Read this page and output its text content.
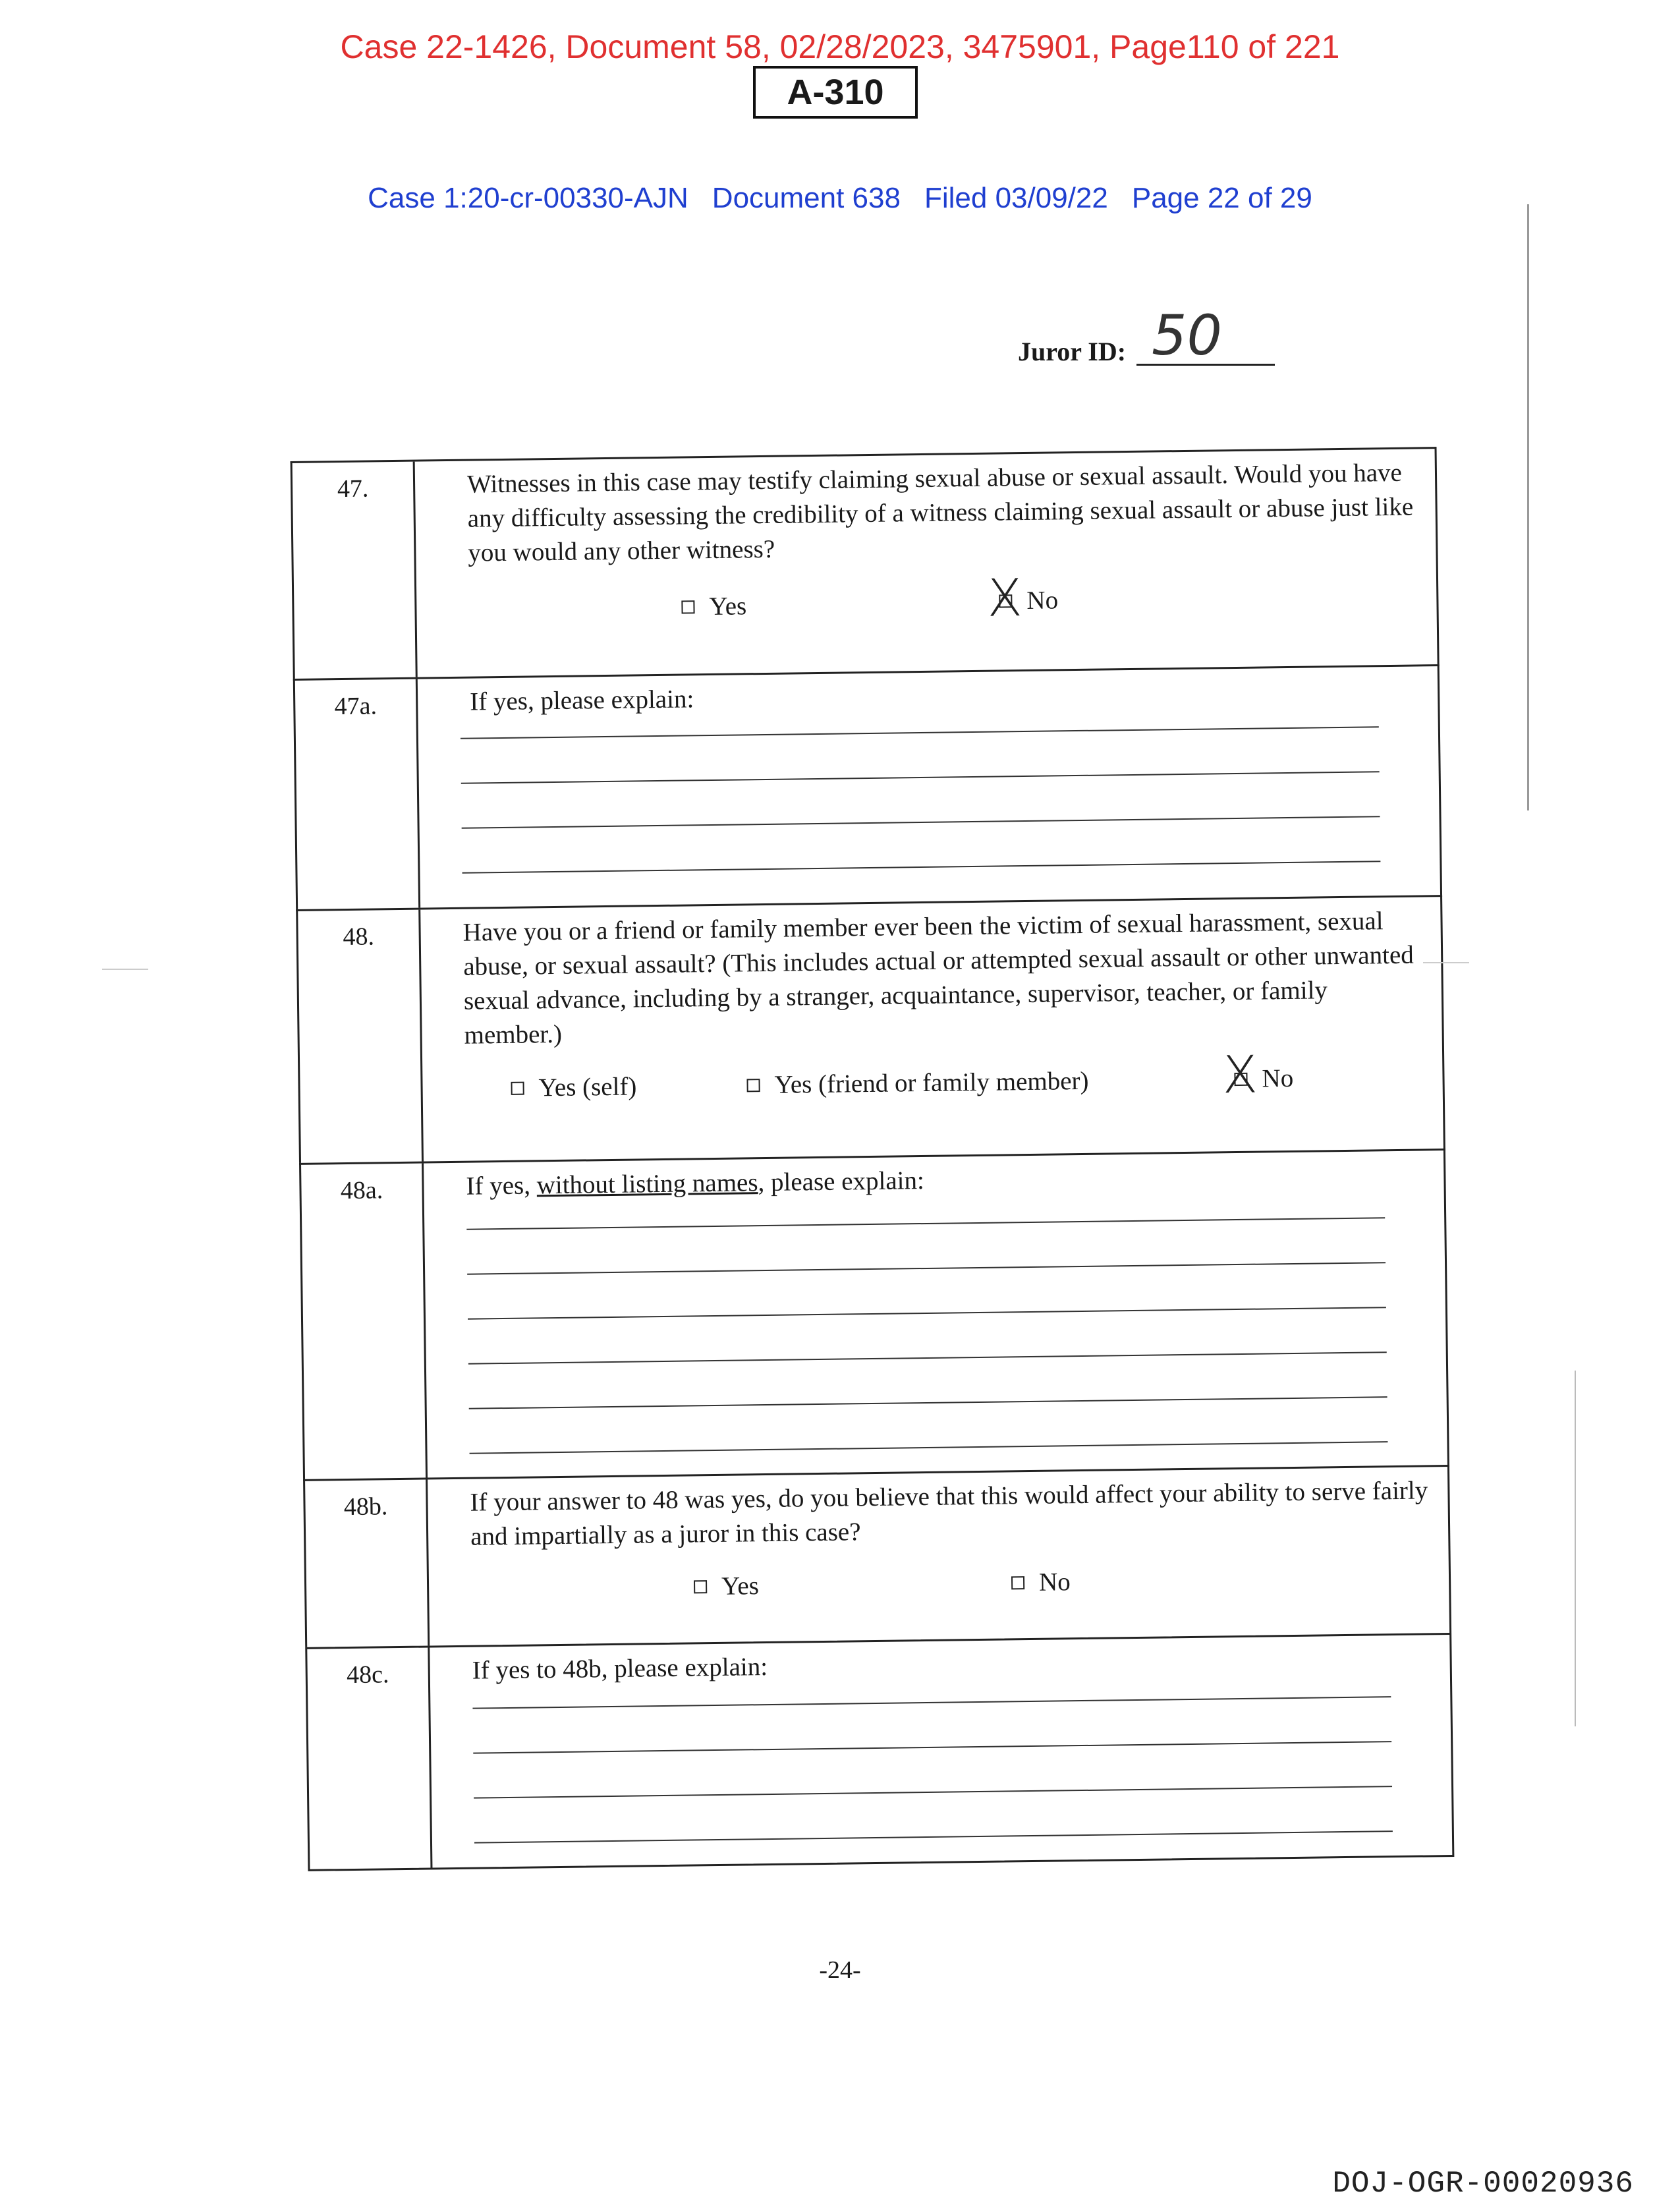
Case 22-1426, Document 58, 02/28/2023, 3475901, Page110 of 221
A-310
Case 1:20-cr-00330-AJN Document 638 Filed 03/09/22 Page 22 of 29
Juror ID: 50
47.	Witnesses in this case may testify claiming sexual abuse or sexual assault. Would you have any difficulty assessing the credibility of a witness claiming sexual assault or abuse just like you would any other witness?
Yes	No
X
47a.	If yes, please explain:
48.	Have you or a friend or family member ever been the victim of sexual harassment, sexual abuse, or sexual assault? (This includes actual or attempted sexual assault or other unwanted sexual advance, including by a stranger, acquaintance, supervisor, teacher, or family member.)
Yes (self)	Yes (friend or family member)	No
X
48a.	If yes, without listing names, please explain:
48b.	If your answer to 48 was yes, do you believe that this would affect your ability to serve fairly and impartially as a juror in this case?
Yes	No
48c.	If yes to 48b, please explain:
-24-
DOJ-OGR-00020936
